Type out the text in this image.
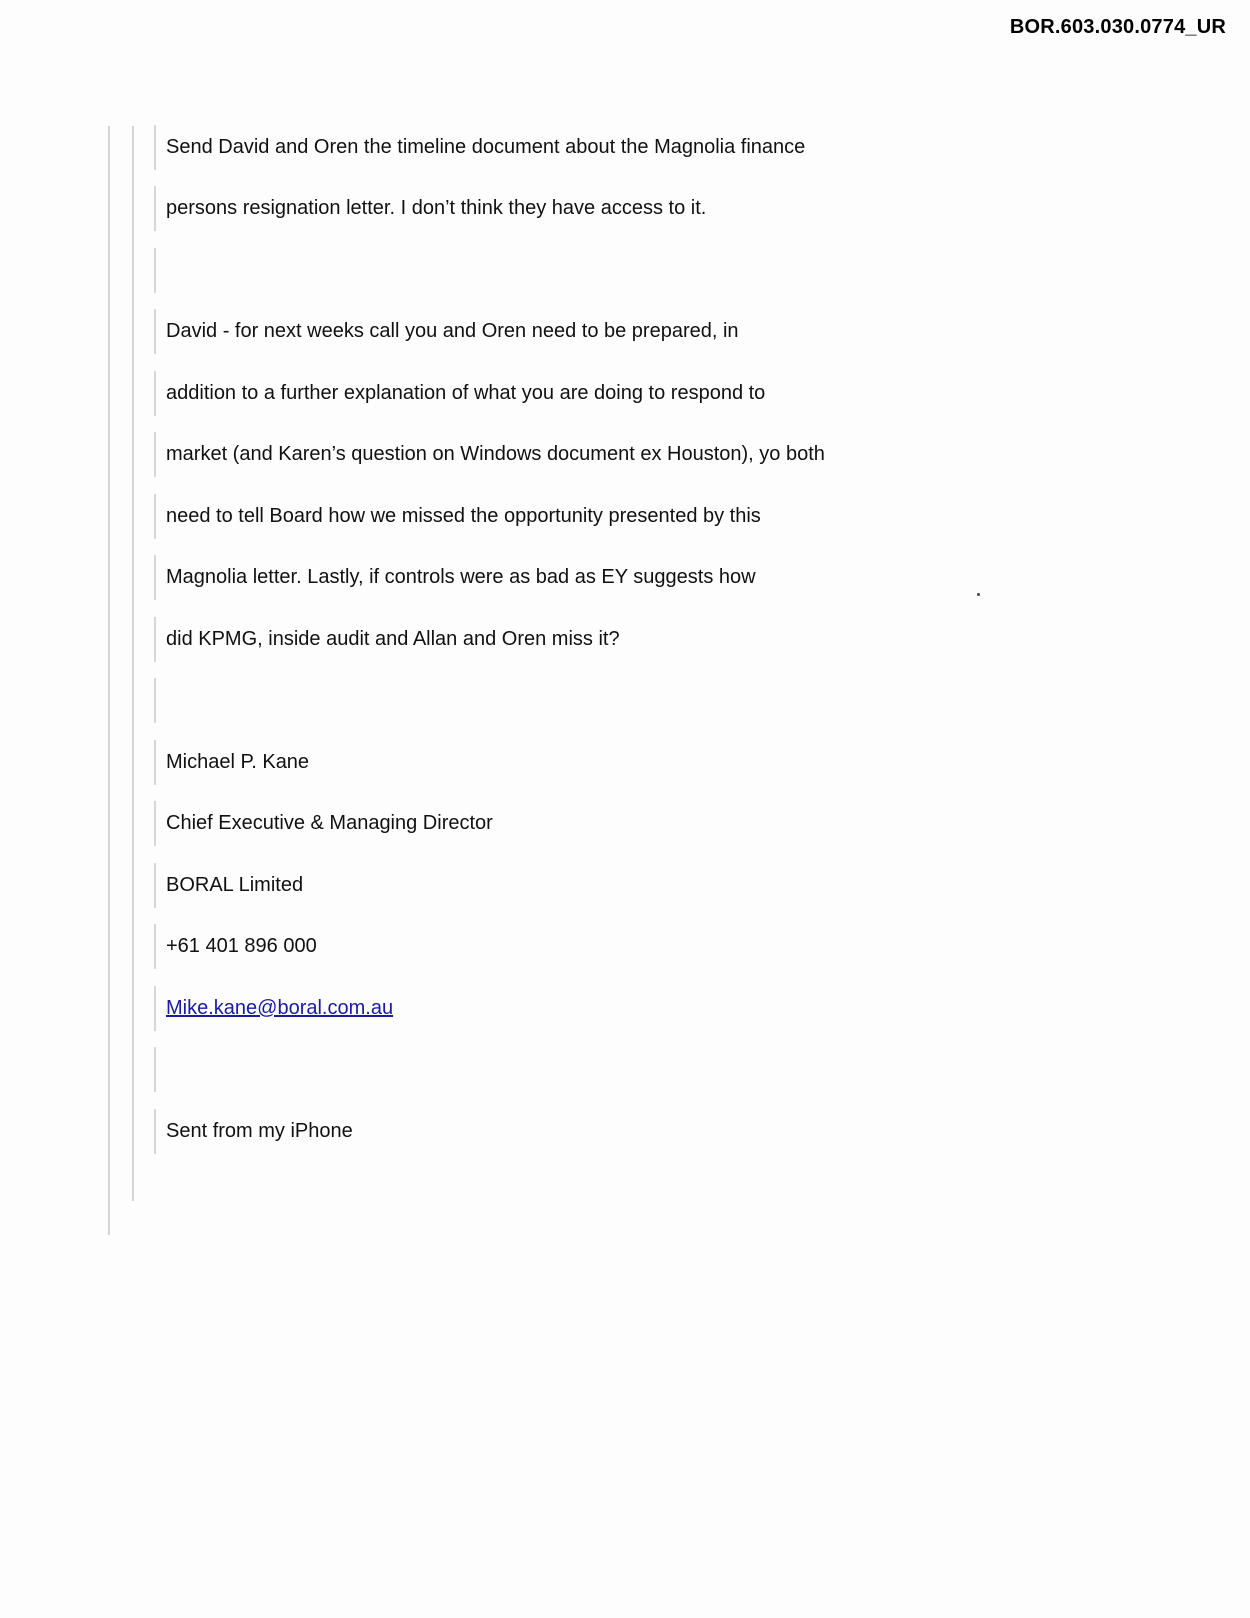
BOR.603.030.0774_UR
Send David and Oren the timeline document about the Magnolia finance
persons resignation letter. I don’t think they have access to it.
David - for next weeks call you and Oren need to be prepared, in
addition to a further explanation of what you are doing to respond to
market (and Karen’s question on Windows document ex Houston), yo both
need to tell Board how we missed the opportunity presented by this
Magnolia letter. Lastly, if controls were as bad as EY suggests how
did KPMG, inside audit and Allan and Oren miss it?
Michael P. Kane
Chief Executive & Managing Director
BORAL Limited
+61 401 896 000
Mike.kane@boral.com.au
Sent from my iPhone
